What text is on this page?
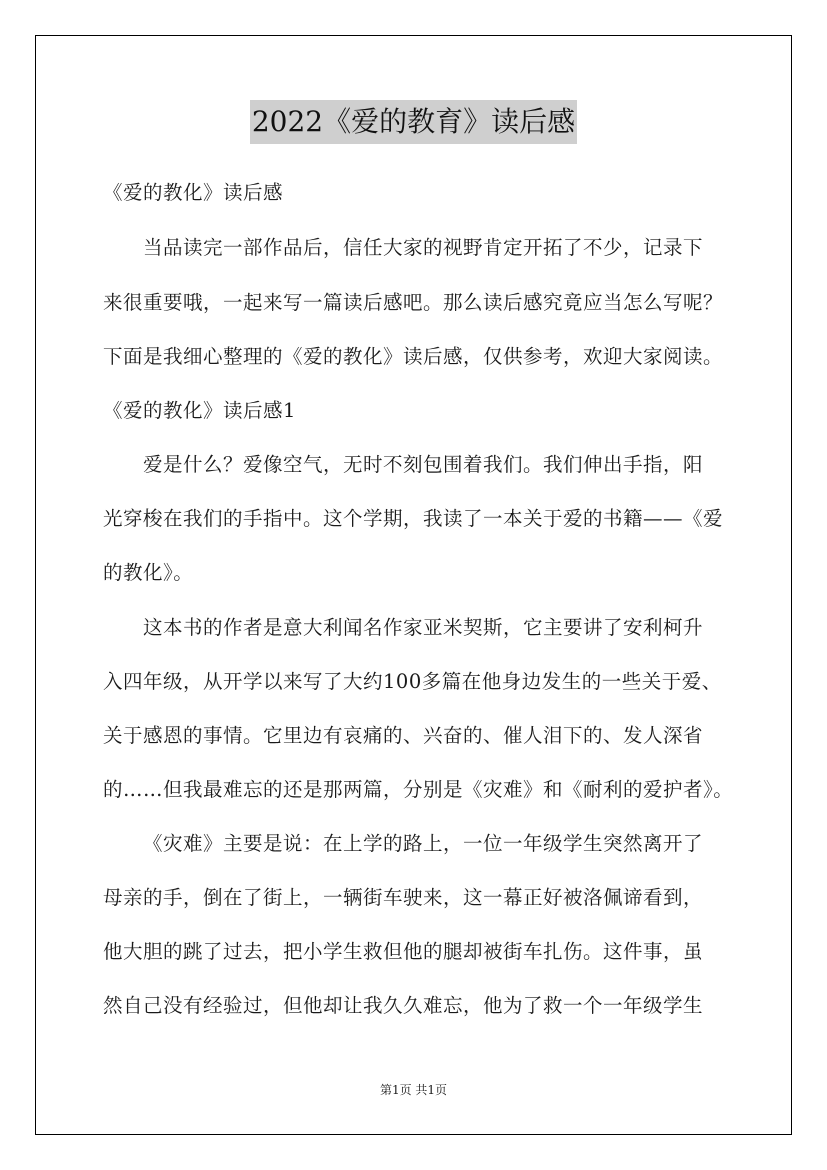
2022《爱的教育》读后感
《爱的教化》读后感
当品读完一部作品后，信任大家的视野肯定开拓了不少，记录下
来很重要哦，一起来写一篇读后感吧。那么读后感究竟应当怎么写呢？
下面是我细心整理的《爱的教化》读后感，仅供参考，欢迎大家阅读。
《爱的教化》读后感1
爱是什么？爱像空气，无时不刻包围着我们。我们伸出手指，阳
光穿梭在我们的手指中。这个学期，我读了一本关于爱的书籍——《爱
的教化》。
这本书的作者是意大利闻名作家亚米契斯，它主要讲了安利柯升
入四年级，从开学以来写了大约100多篇在他身边发生的一些关于爱、
关于感恩的事情。它里边有哀痛的、兴奋的、催人泪下的、发人深省
的……但我最难忘的还是那两篇，分别是《灾难》和《耐利的爱护者》。
《灾难》主要是说：在上学的路上，一位一年级学生突然离开了
母亲的手，倒在了街上，一辆街车驶来，这一幕正好被洛佩谛看到，
他大胆的跳了过去，把小学生救但他的腿却被街车扎伤。这件事，虽
然自己没有经验过，但他却让我久久难忘，他为了救一个一年级学生
第1页 共1页
